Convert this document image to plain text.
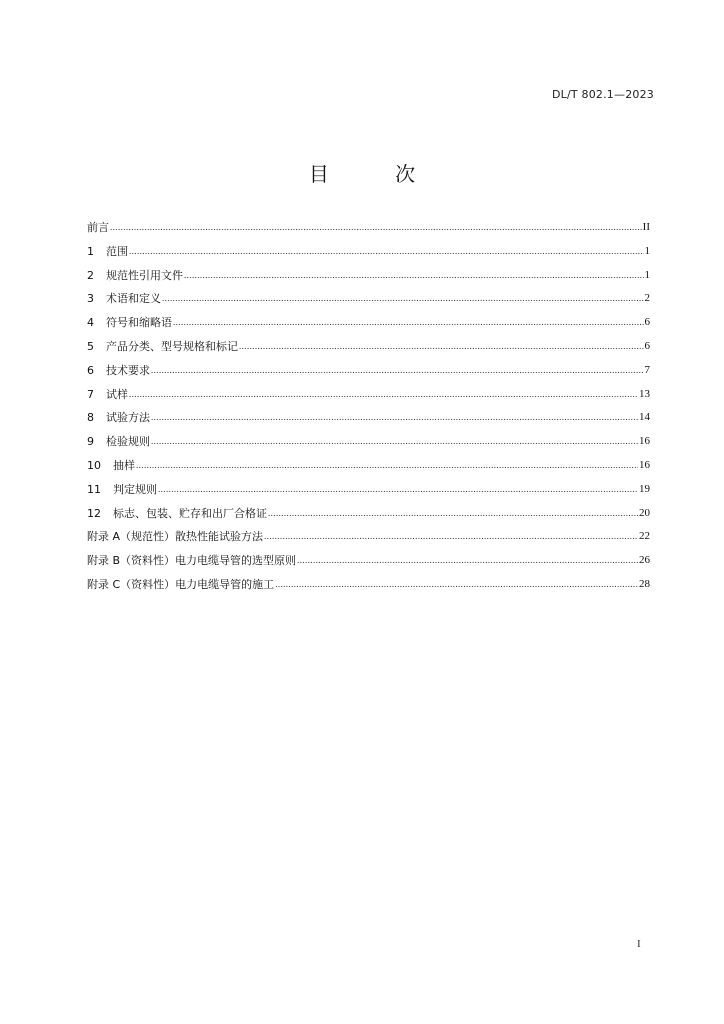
DL/T 802.1—2023
目 次
前言 .....	II
1	范围 .....	1
2	规范性引用文件 .....	1
3	术语和定义 .....	2
4	符号和缩略语 .....	6
5	产品分类、型号规格和标记 .....	6
6	技术要求 .....	7
7	试样 .....	13
8	试验方法 .....	14
9	检验规则 .....	16
10	抽样 .....	16
11	判定规则 .....	19
12	标志、包装、贮存和出厂合格证 .....	20
附录 A（规范性）散热性能试验方法 .....	22
附录 B（资料性）电力电缆导管的选型原则 .....	26
附录 C（资料性）电力电缆导管的施工 .....	28
I
